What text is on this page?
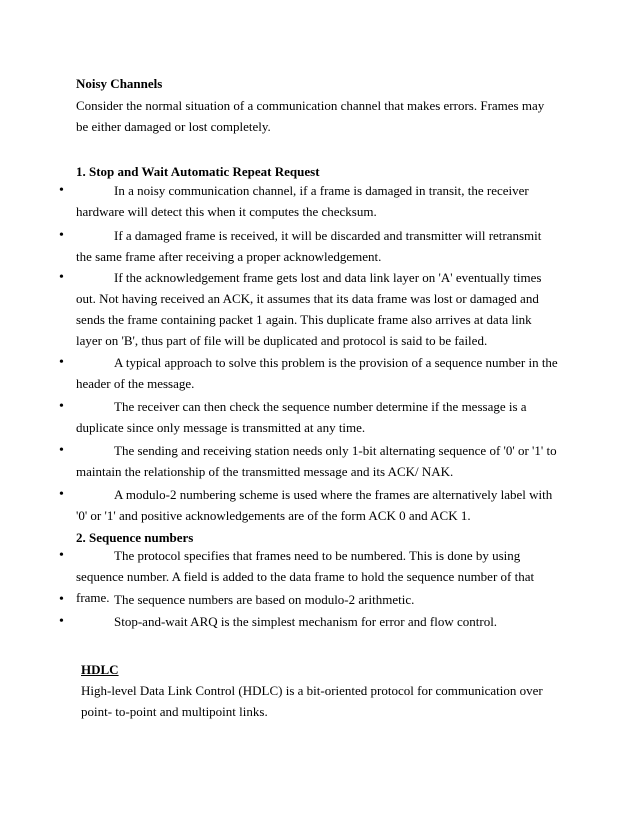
Noisy Channels
Consider the normal situation of a communication channel that makes errors. Frames may be either damaged or lost completely.
1. Stop and Wait Automatic Repeat Request
•	In a noisy communication channel, if a frame is damaged in transit, the receiver hardware will detect this when it computes the checksum.
•	If a damaged frame is received, it will be discarded and transmitter will retransmit the same frame after receiving a proper acknowledgement.
•	If the acknowledgement frame gets lost and data link layer on 'A' eventually times out. Not having received an ACK, it assumes that its data frame was lost or damaged and sends the frame containing packet 1 again. This duplicate frame also arrives at data link layer on 'B', thus part of file will be duplicated and protocol is said to be failed.
•	A typical approach to solve this problem is the provision of a sequence number in the header of the message.
•	The receiver can then check the sequence number determine if the message is a duplicate since only message is transmitted at any time.
•	The sending and receiving station needs only 1-bit alternating sequence of '0' or '1' to maintain the relationship of the transmitted message and its ACK/ NAK.
•	A modulo-2 numbering scheme is used where the frames are alternatively label with '0' or '1' and positive acknowledgements are of the form ACK 0 and ACK 1.
2. Sequence numbers
•	The protocol specifies that frames need to be numbered. This is done by using sequence number. A field is added to the data frame to hold the sequence number of that frame.
•	The sequence numbers are based on modulo-2 arithmetic.
•	Stop-and-wait ARQ is the simplest mechanism for error and flow control.
HDLC
High-level Data Link Control (HDLC) is a bit-oriented protocol for communication over point- to-point and multipoint links.
